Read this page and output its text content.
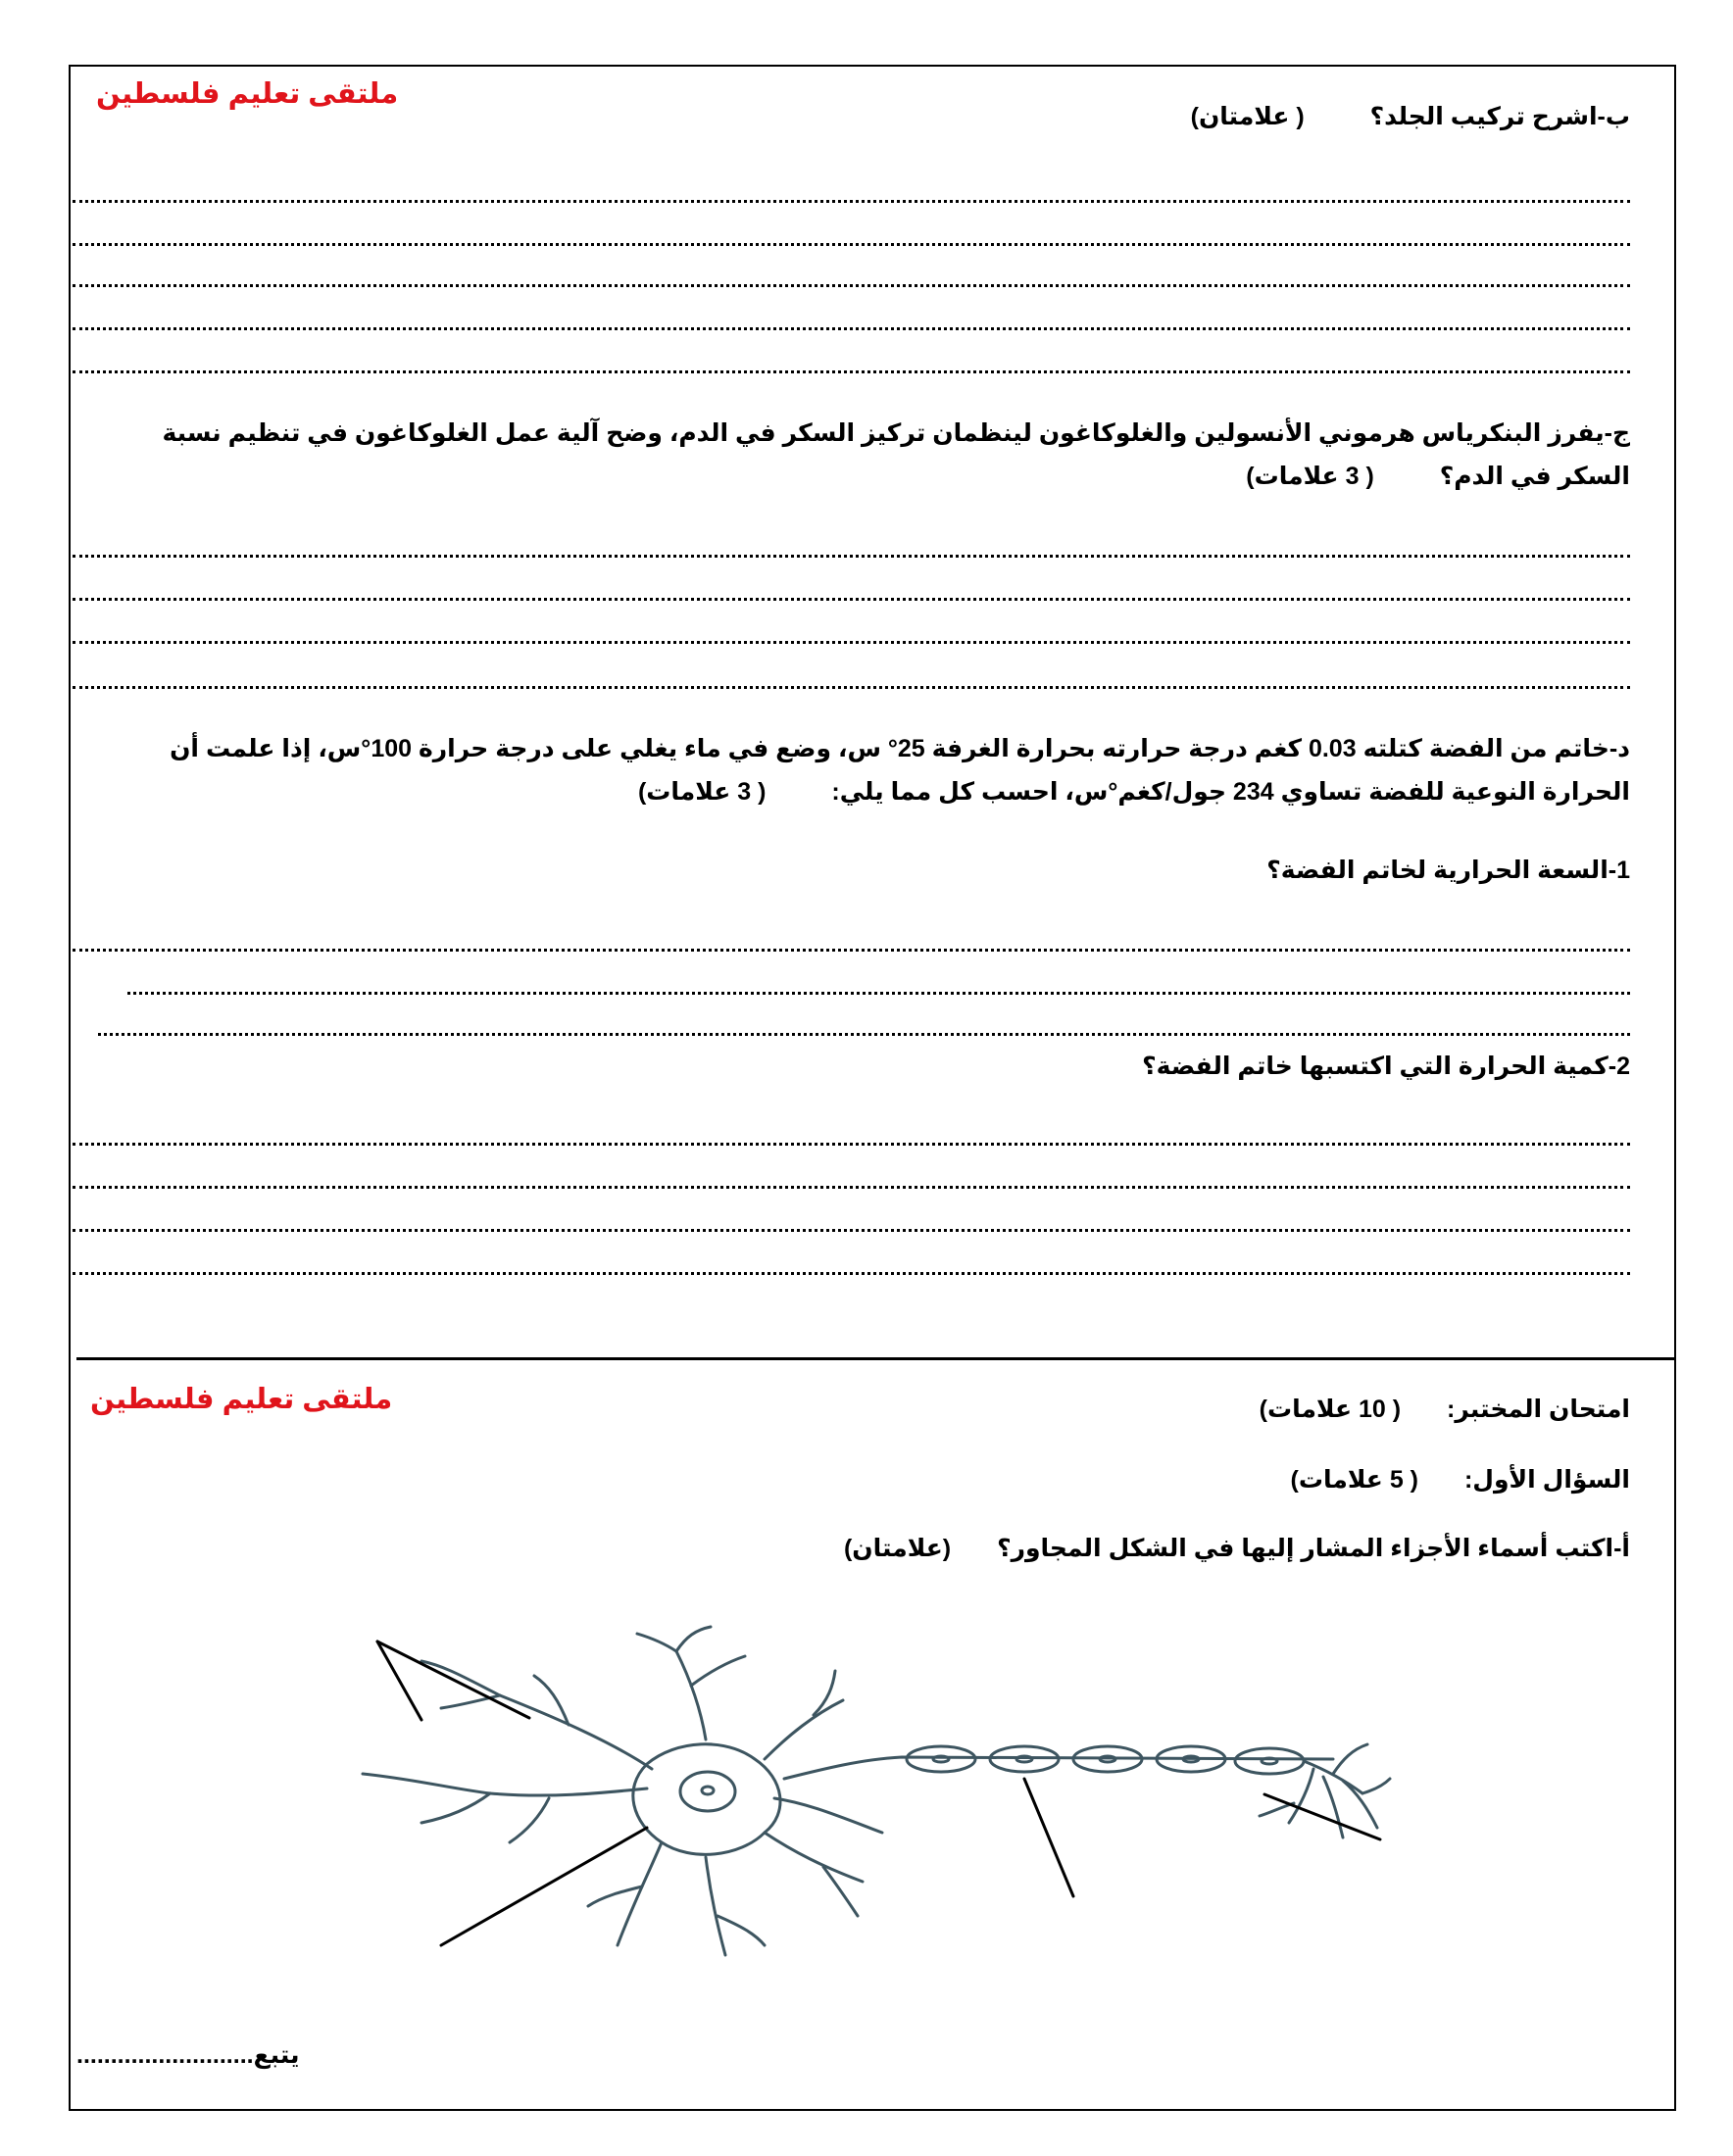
ملتقى تعليم فلسطين
ب-اشرح تركيب الجلد؟ ( علامتان)
ج-يفرز البنكرياس هرموني الأنسولين والغلوكاغون لينظمان تركيز السكر في الدم، وضح آلية عمل الغلوكاغون في تنظيم نسبة السكر في الدم؟ ( 3 علامات)
د-خاتم من الفضة كتلته 0.03 كغم درجة حرارته بحرارة الغرفة 25° س، وضع في ماء يغلي على درجة حرارة 100°س، إذا علمت أن
الحرارة النوعية للفضة تساوي 234 جول/كغم°س، احسب كل مما يلي: ( 3 علامات)
1-السعة الحرارية لخاتم الفضة؟
2-كمية الحرارة التي اكتسبها خاتم الفضة؟
ملتقى تعليم فلسطين	امتحان المختبر: ( 10 علامات)
السؤال الأول: ( 5 علامات)
أ-اكتب أسماء الأجزاء المشار إليها في الشكل المجاور؟ (علامتان)
يتبع..........................
